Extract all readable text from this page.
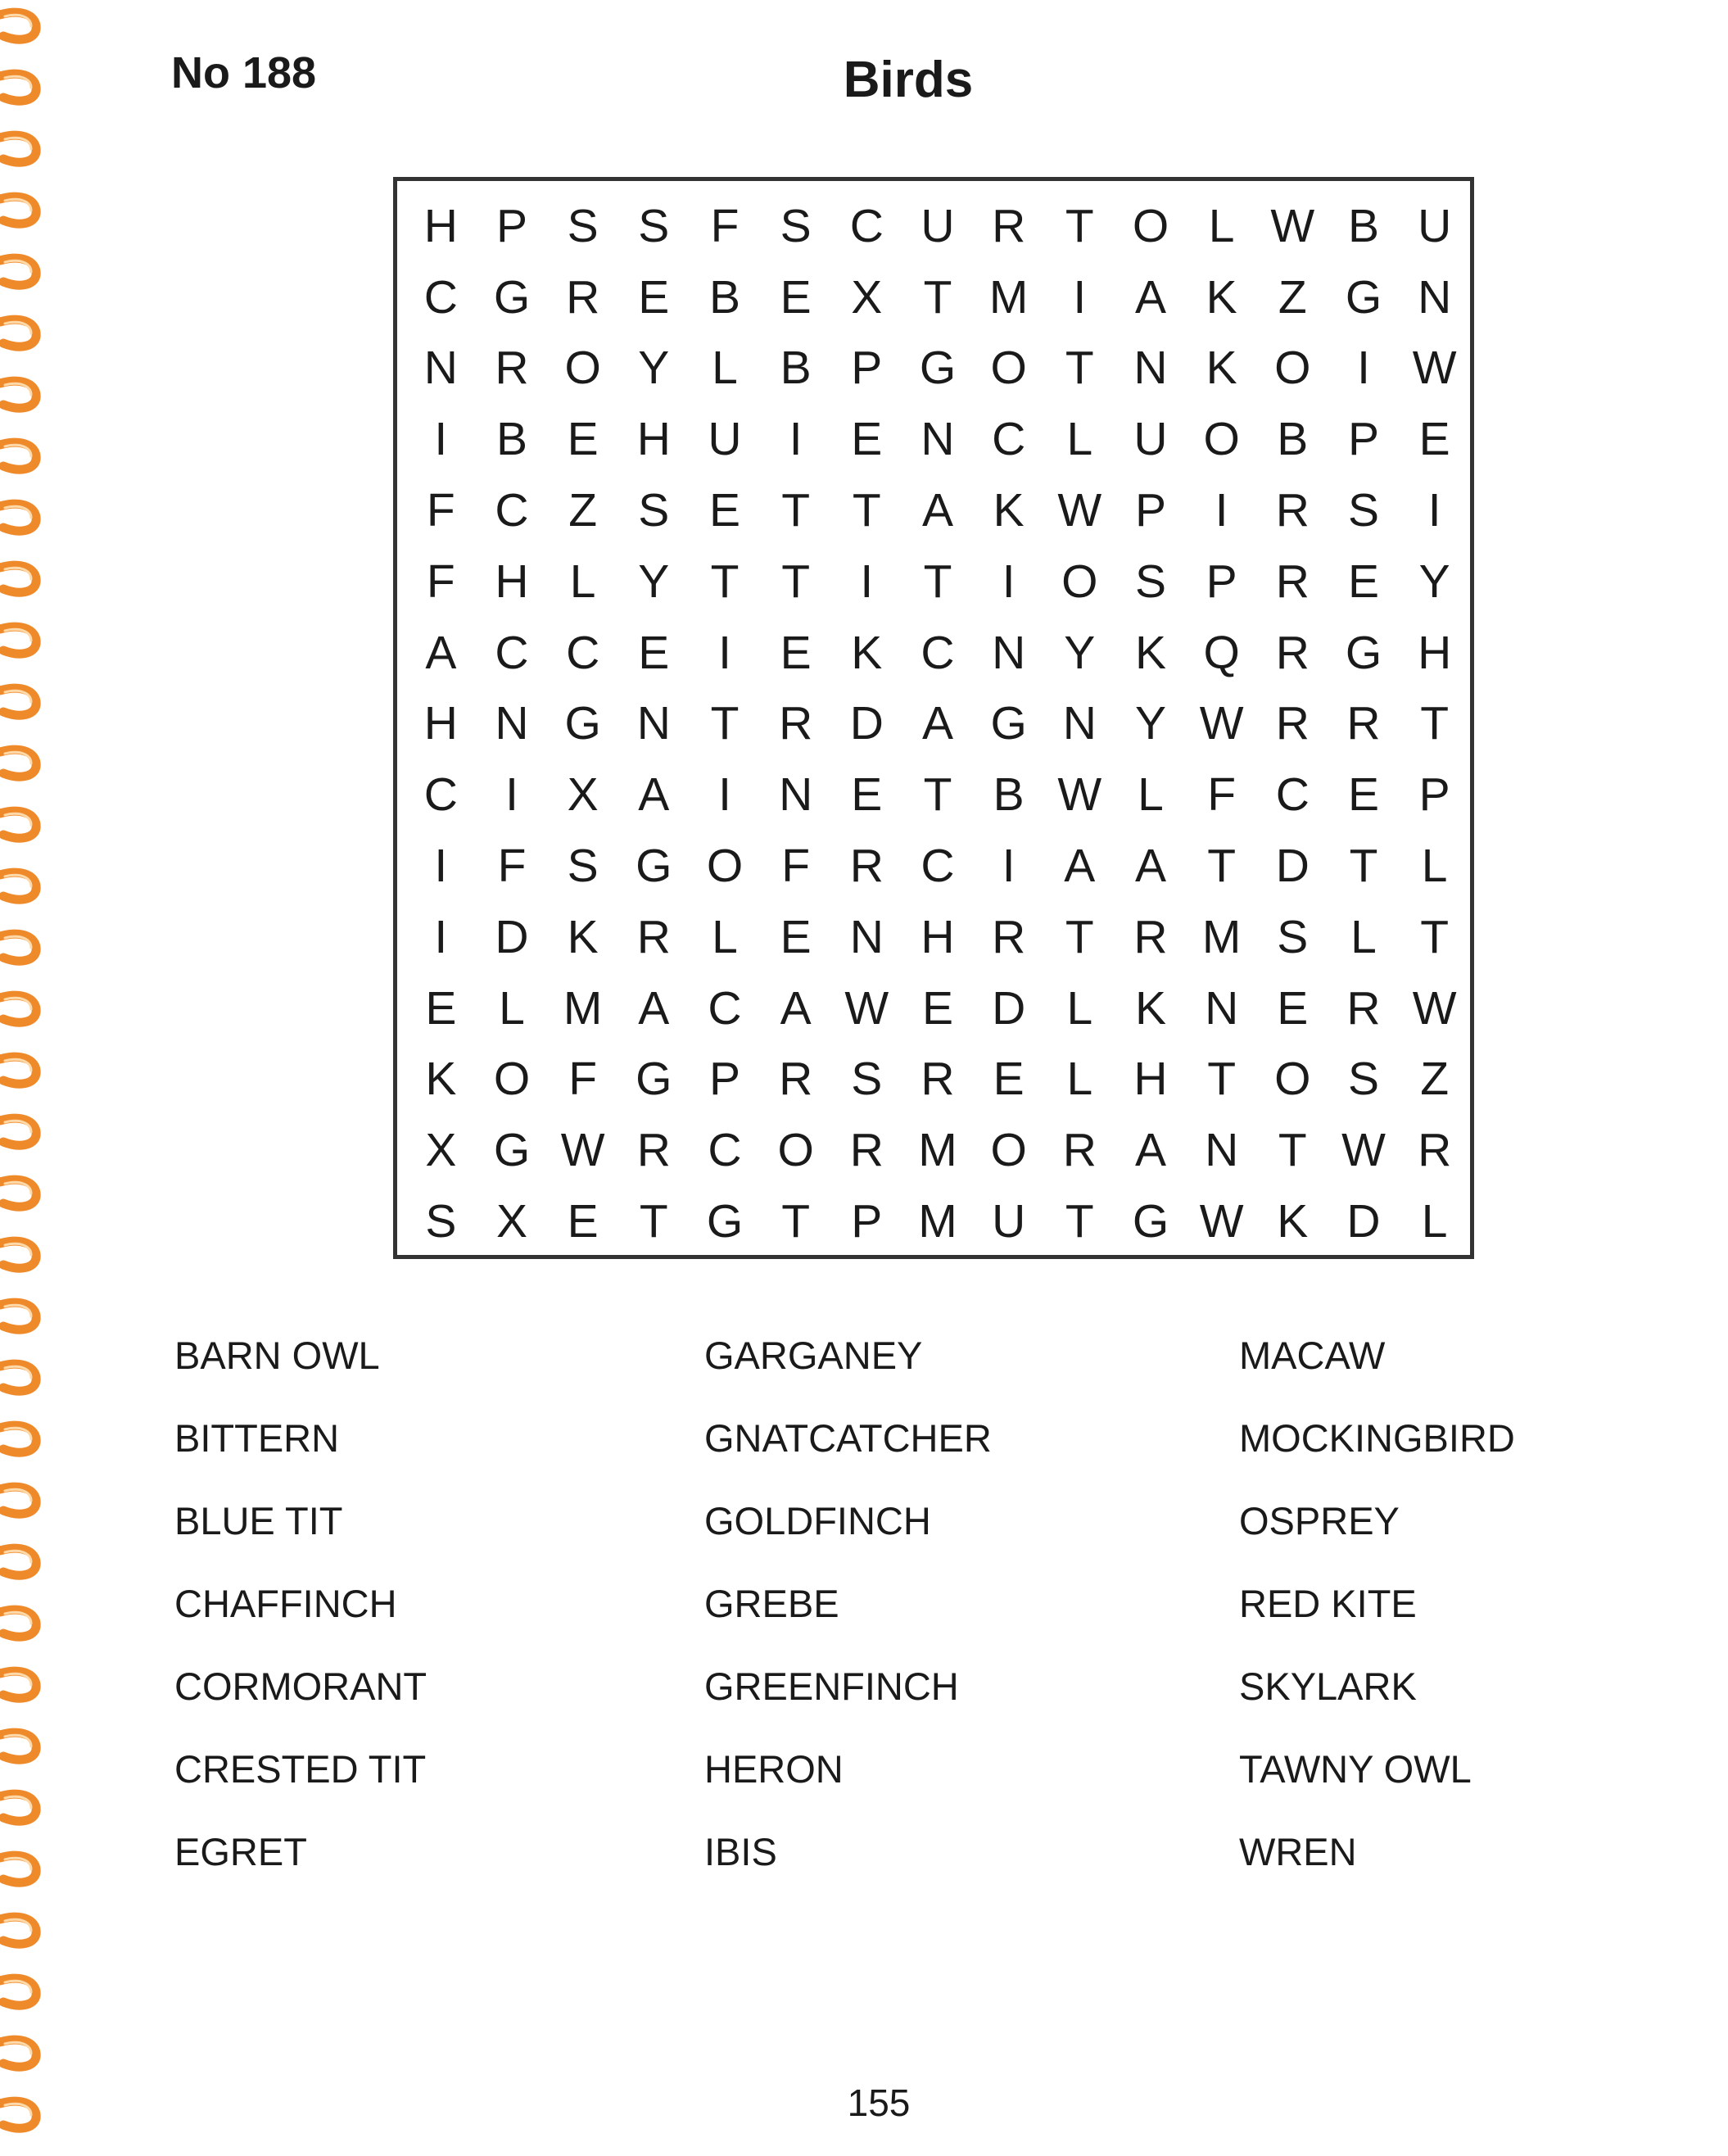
No 188	Birds
H P S S F S C U R T O L W B U
C G R E B E X T M I	A K Z G N
N R O Y L B P G O T N K O I W
I	B E H U	I	E N C L U O B P E
F C Z S E T T A K W P	I	R S	I
F H L Y T T	I	T	I O S P R E Y
A C C E	I	E K C N Y K Q R G H
H N G N T R D A G N Y W R R T
C	I	X A	I	N E T B W L F C E P
I	F S G O F R C	I	A A T D T L
I	D K R L E N H R T R M S L T
E L M A C A W E D L K N E R W
K O F G P R S R E L H T O S Z
X G W R C O R M O R A N T W R
S X E T G T P M U T G W K D L
BARN OWL
BITTERN
BLUE TIT
CHAFFINCH
CORMORANT
CRESTED TIT
EGRET
GARGANEY
GNATCATCHER
GOLDFINCH
GREBE
GREENFINCH
HERON
IBIS
MACAW
MOCKINGBIRD
OSPREY
RED KITE
SKYLARK
TAWNY OWL
WREN

155
